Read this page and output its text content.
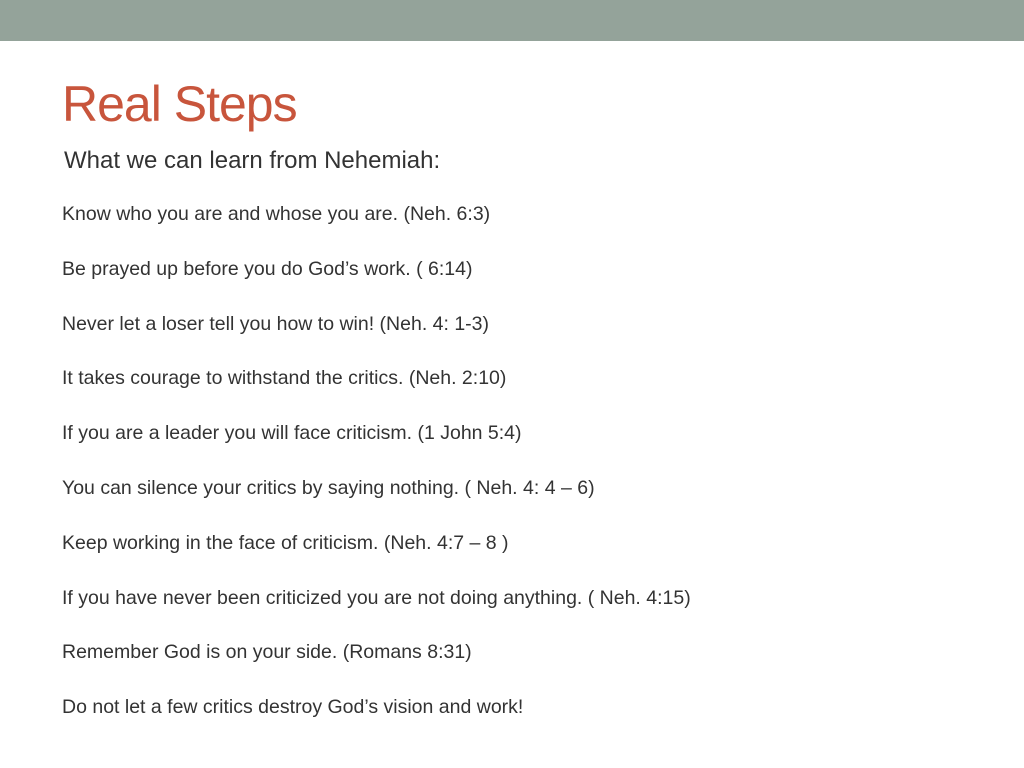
Real Steps

What we can learn from Nehemiah:

Know who you are and whose you are. (Neh. 6:3)
Be prayed up before you do God’s work. ( 6:14)
Never let a loser tell you how to win! (Neh. 4: 1-3)
It takes courage to withstand the critics. (Neh. 2:10)
If you are a leader you will face criticism. (1 John 5:4)
You can silence your critics by saying nothing. ( Neh. 4: 4 – 6)
Keep working in the face of criticism. (Neh. 4:7 – 8 )
If you have never been criticized you are not doing anything. ( Neh. 4:15)
Remember God is on your side. (Romans 8:31)
Do not let a few critics destroy God’s vision and work!
